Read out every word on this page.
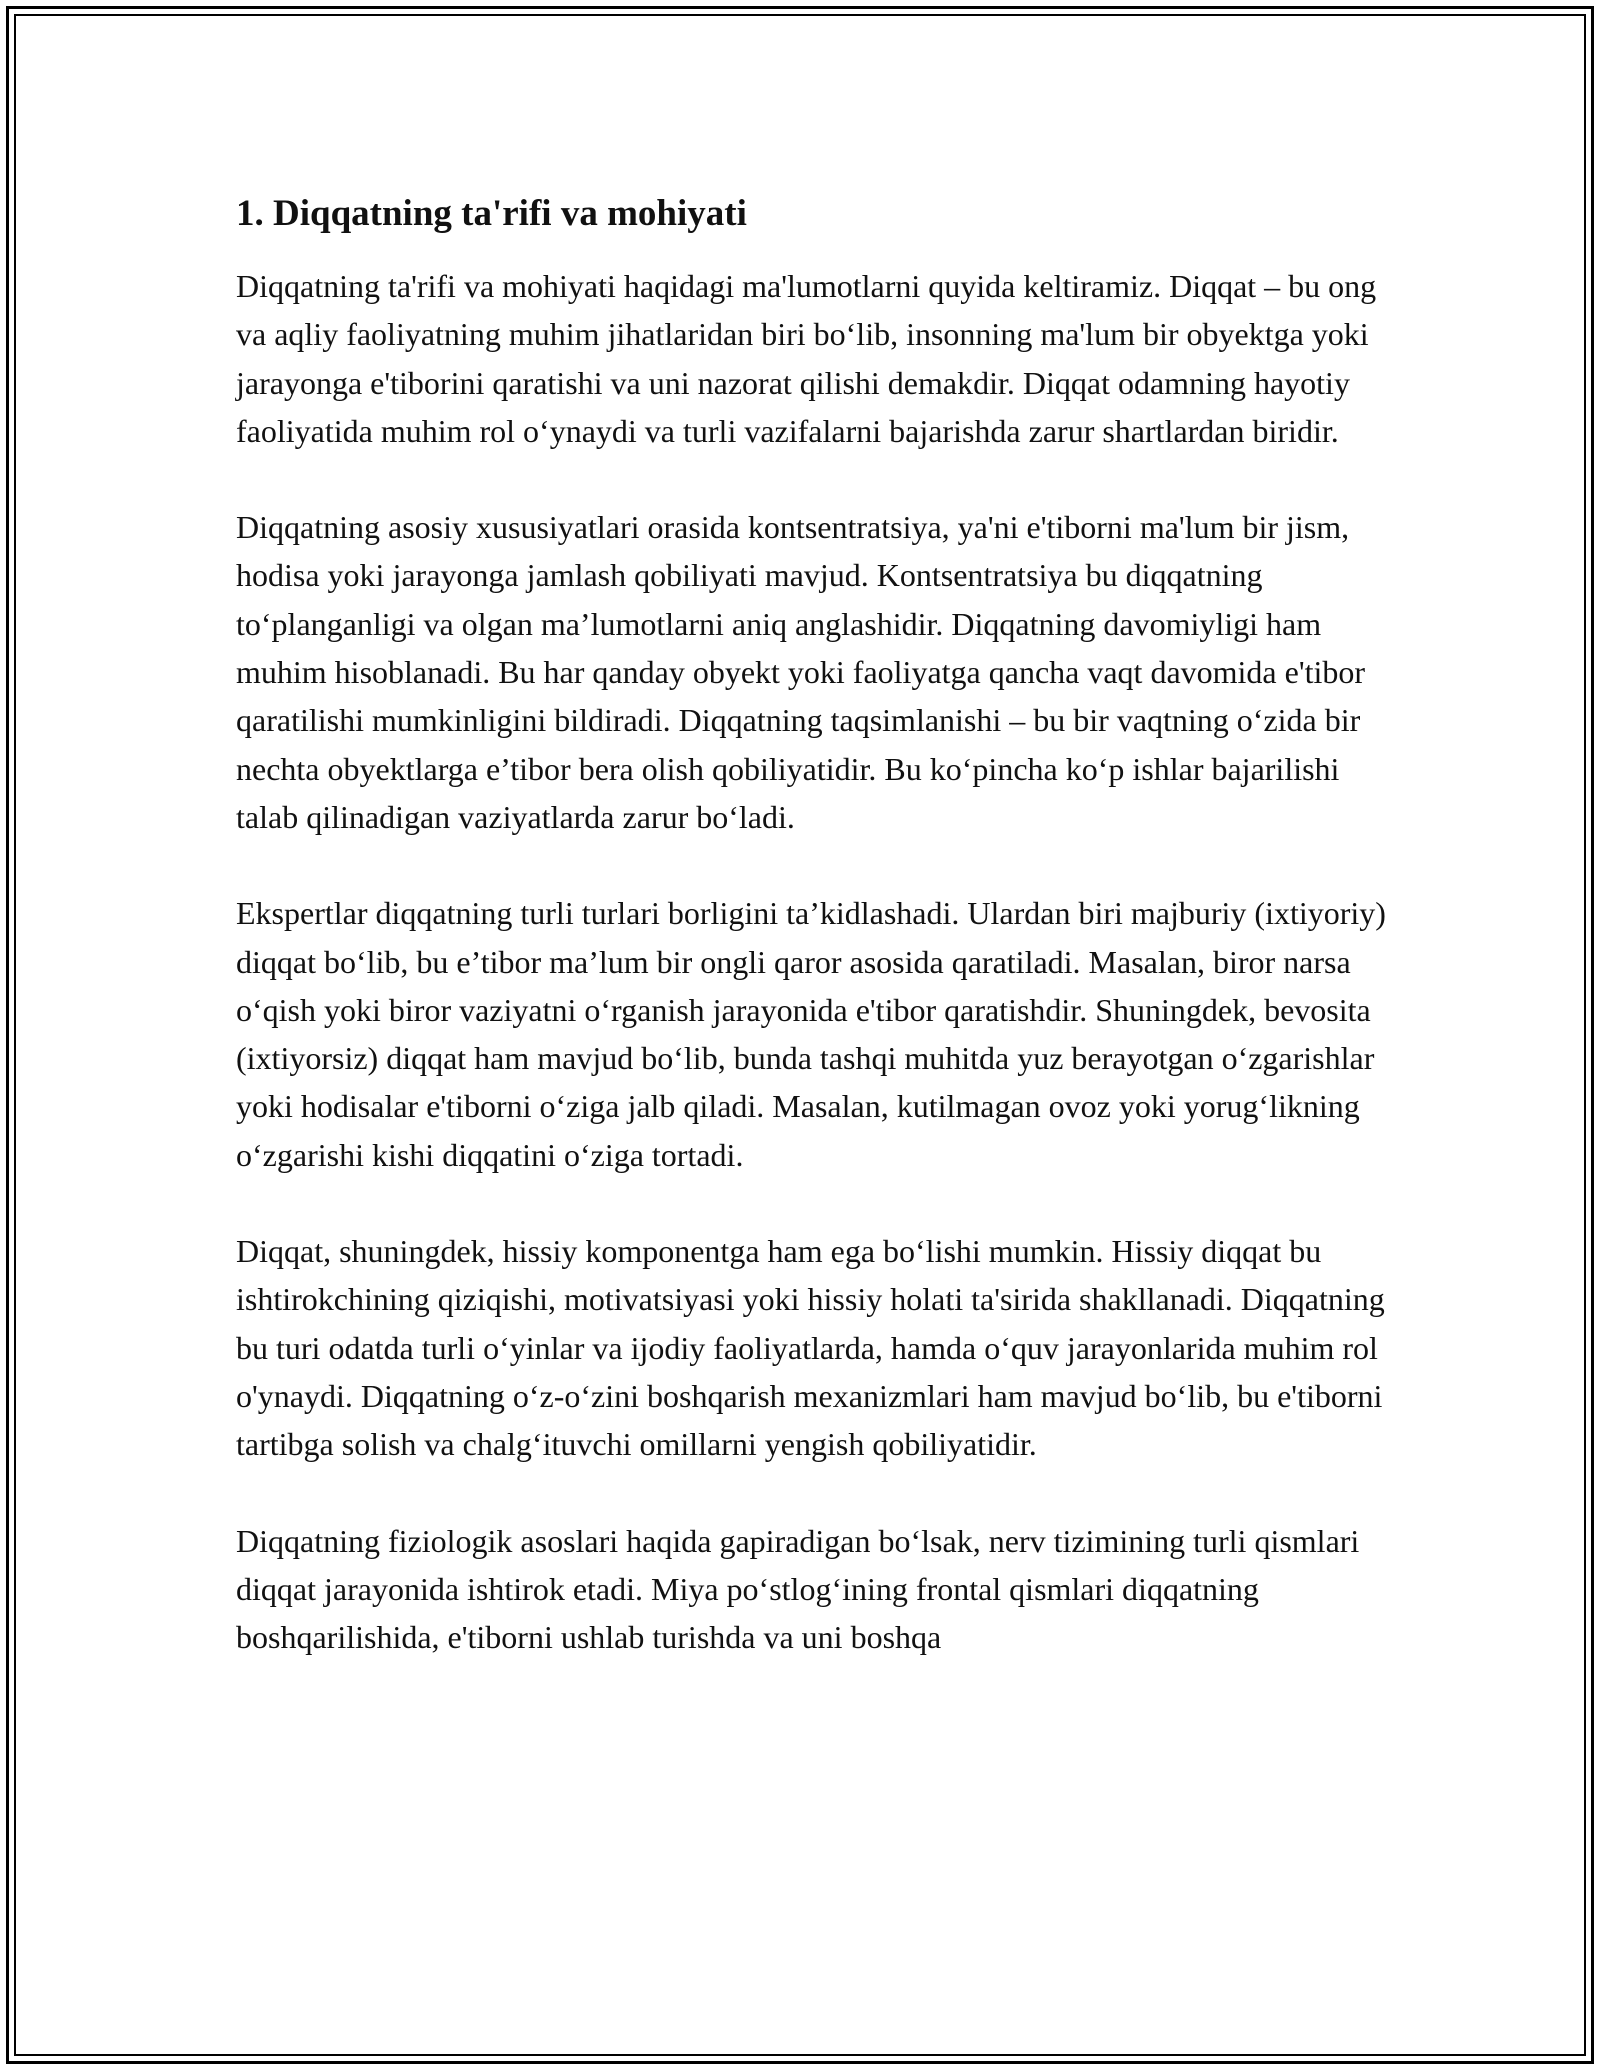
1. Diqqatning ta'rifi va mohiyati

Diqqatning ta'rifi va mohiyati haqidagi ma'lumotlarni quyida keltiramiz. Diqqat – bu ong va aqliy faoliyatning muhim jihatlaridan biri bo‘lib, insonning ma'lum bir obyektga yoki jarayonga e'tiborini qaratishi va uni nazorat qilishi demakdir. Diqqat odamning hayotiy faoliyatida muhim rol o‘ynaydi va turli vazifalarni bajarishda zarur shartlardan biridir.

Diqqatning asosiy xususiyatlari orasida kontsentratsiya, ya'ni e'tiborni ma'lum bir jism, hodisa yoki jarayonga jamlash qobiliyati mavjud. Kontsentratsiya bu diqqatning to‘planganligi va olgan ma’lumotlarni aniq anglashidir. Diqqatning davomiyligi ham muhim hisoblanadi. Bu har qanday obyekt yoki faoliyatga qancha vaqt davomida e'tibor qaratilishi mumkinligini bildiradi. Diqqatning taqsimlanishi – bu bir vaqtning o‘zida bir nechta obyektlarga e’tibor bera olish qobiliyatidir. Bu ko‘pincha ko‘p ishlar bajarilishi talab qilinadigan vaziyatlarda zarur bo‘ladi.

Ekspertlar diqqatning turli turlari borligini ta’kidlashadi. Ulardan biri majburiy (ixtiyoriy) diqqat bo‘lib, bu e’tibor ma’lum bir ongli qaror asosida qaratiladi. Masalan, biror narsa o‘qish yoki biror vaziyatni o‘rganish jarayonida e'tibor qaratishdir. Shuningdek, bevosita (ixtiyorsiz) diqqat ham mavjud bo‘lib, bunda tashqi muhitda yuz berayotgan o‘zgarishlar yoki hodisalar e'tiborni o‘ziga jalb qiladi. Masalan, kutilmagan ovoz yoki yorug‘likning o‘zgarishi kishi diqqatini o‘ziga tortadi.

Diqqat, shuningdek, hissiy komponentga ham ega bo‘lishi mumkin. Hissiy diqqat bu ishtirokchining qiziqishi, motivatsiyasi yoki hissiy holati ta'sirida shakllanadi. Diqqatning bu turi odatda turli o‘yinlar va ijodiy faoliyatlarda, hamda o‘quv jarayonlarida muhim rol o'ynaydi. Diqqatning o‘z-o‘zini boshqarish mexanizmlari ham mavjud bo‘lib, bu e'tiborni tartibga solish va chalg‘ituvchi omillarni yengish qobiliyatidir.

Diqqatning fiziologik asoslari haqida gapiradigan bo‘lsak, nerv tizimining turli qismlari diqqat jarayonida ishtirok etadi. Miya po‘stlog‘ining frontal qismlari diqqatning boshqarilishida, e'tiborni ushlab turishda va uni boshqa
